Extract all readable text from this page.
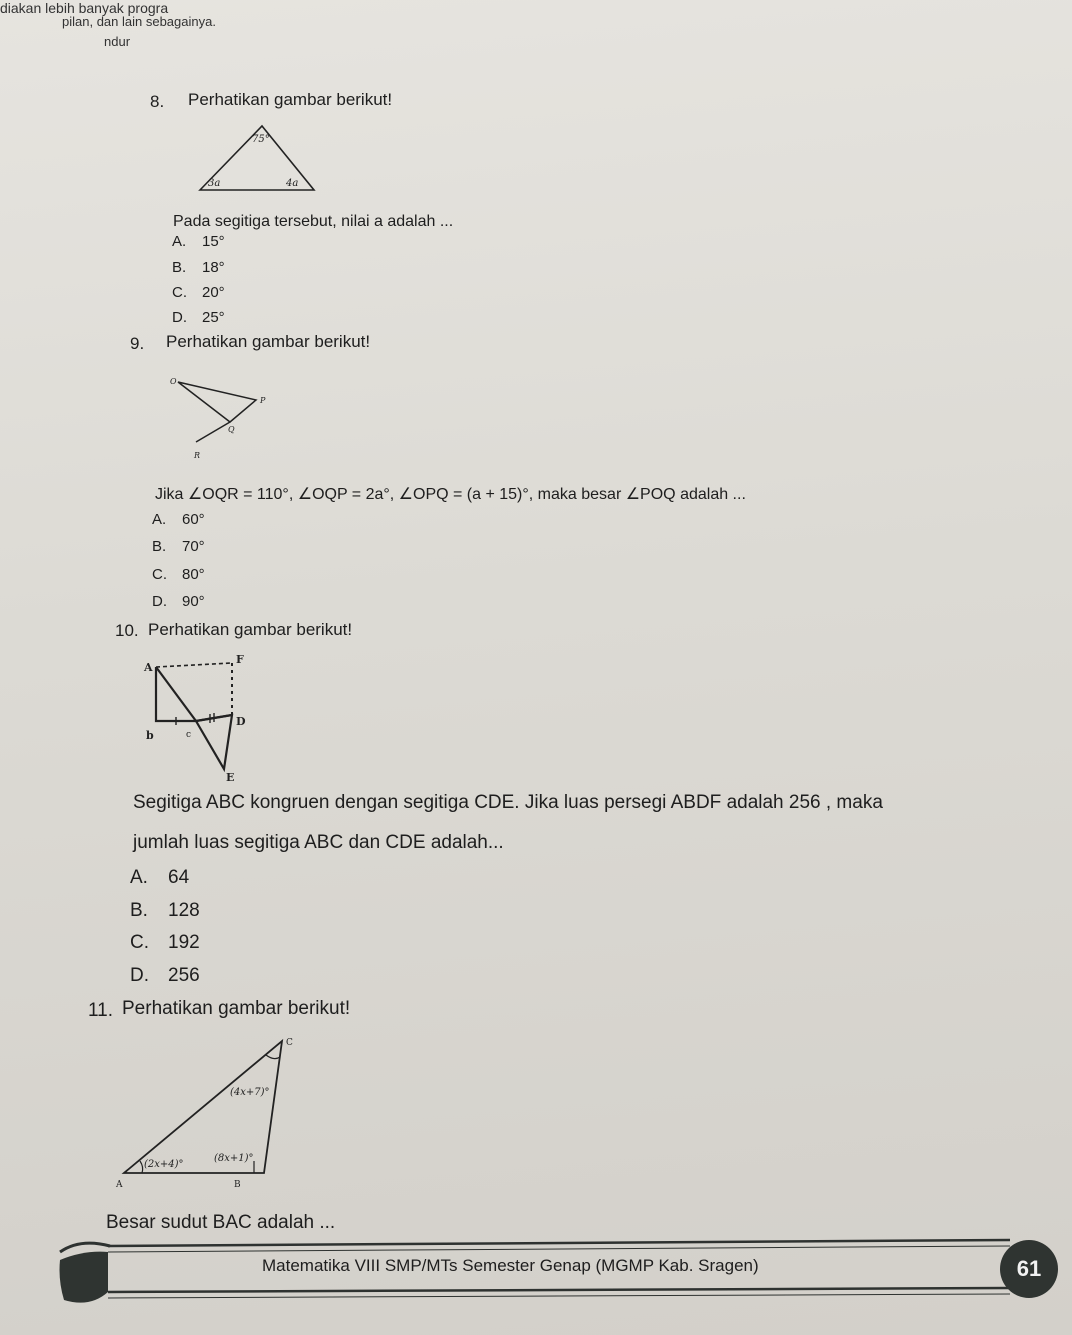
diakan lebih banyak progra
pilan, dan lain sebagainya.
ndur
8. Perhatikan gambar berikut!
75°
3a	4a
Pada segitiga tersebut, nilai a adalah ...
A. 15°
B. 18°
C. 20°
D. 25°
9. Perhatikan gambar berikut!
O
P
Q
R
Jika ∠OQR = 110°, ∠OQP = 2a°, ∠OPQ = (a + 15)°, maka besar ∠POQ adalah ...
A. 60°
B. 70°
C. 80°
D. 90°
10. Perhatikan gambar berikut!
A
F
b	c
D
E
Segitiga ABC kongruen dengan segitiga CDE. Jika luas persegi ABDF adalah 256 , maka
jumlah luas segitiga ABC dan CDE adalah...
A. 64
B. 128
C. 192
D. 256
11. Perhatikan gambar berikut!
C
A	B
(4x+7)°
(2x+4)°
(8x+1)°
Besar sudut BAC adalah ...
Matematika VIII SMP/MTs Semester Genap (MGMP Kab. Sragen)	61
